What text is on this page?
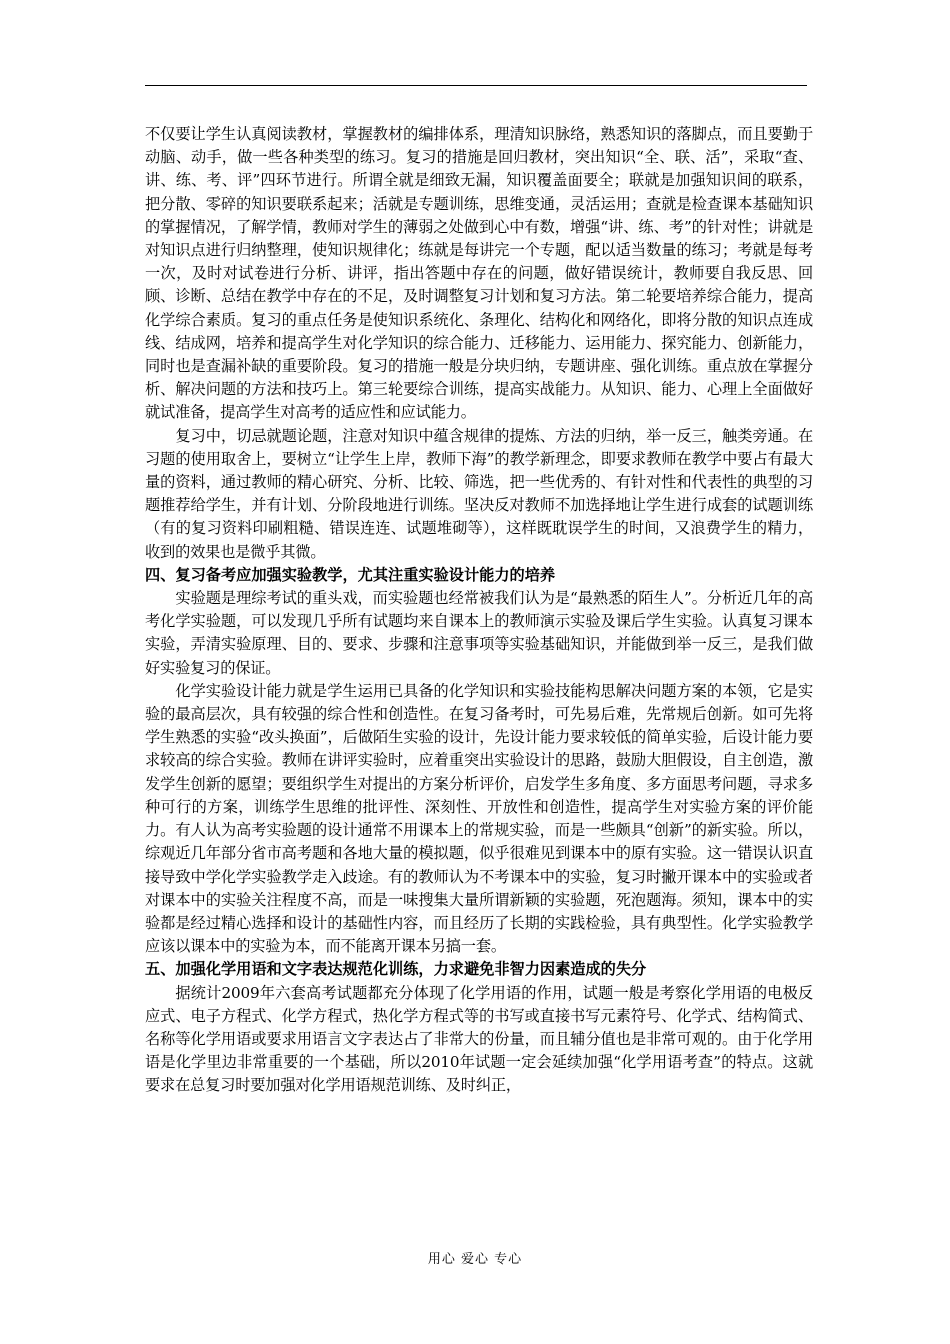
不仅要让学生认真阅读教材，掌握教材的编排体系，理清知识脉络，熟悉知识的落脚点，而且要勤于动脑、动手，做一些各种类型的练习。复习的措施是回归教材，突出知识“全、联、活”，采取“查、讲、练、考、评”四环节进行。所谓全就是细致无漏，知识覆盖面要全；联就是加强知识间的联系，把分散、零碎的知识要联系起来；活就是专题训练，思维变通，灵活运用；查就是检查课本基础知识的掌握情况，了解学情，教师对学生的薄弱之处做到心中有数，增强“讲、练、考”的针对性；讲就是对知识点进行归纳整理，使知识规律化；练就是每讲完一个专题，配以适当数量的练习；考就是每考一次，及时对试卷进行分析、讲评，指出答题中存在的问题，做好错误统计，教师要自我反思、回顾、诊断、总结在教学中存在的不足，及时调整复习计划和复习方法。第二轮要培养综合能力，提高化学综合素质。复习的重点任务是使知识系统化、条理化、结构化和网络化，即将分散的知识点连成线、结成网，培养和提高学生对化学知识的综合能力、迁移能力、运用能力、探究能力、创新能力，同时也是查漏补缺的重要阶段。复习的措施一般是分块归纳，专题讲座、强化训练。重点放在掌握分析、解决问题的方法和技巧上。第三轮要综合训练，提高实战能力。从知识、能力、心理上全面做好就试准备，提高学生对高考的适应性和应试能力。

复习中，切忌就题论题，注意对知识中蕴含规律的提炼、方法的归纳，举一反三，触类旁通。在习题的使用取舍上，要树立“让学生上岸，教师下海”的教学新理念，即要求教师在教学中要占有最大量的资料，通过教师的精心研究、分析、比较、筛选，把一些优秀的、有针对性和代表性的典型的习题推荐给学生，并有计划、分阶段地进行训练。坚决反对教师不加选择地让学生进行成套的试题训练（有的复习资料印刷粗糙、错误连连、试题堆砌等），这样既耽误学生的时间，又浪费学生的精力，收到的效果也是微乎其微。

四、复习备考应加强实验教学，尤其注重实验设计能力的培养

实验题是理综考试的重头戏，而实验题也经常被我们认为是“最熟悉的陌生人”。分析近几年的高考化学实验题，可以发现几乎所有试题均来自课本上的教师演示实验及课后学生实验。认真复习课本实验，弄清实验原理、目的、要求、步骤和注意事项等实验基础知识，并能做到举一反三，是我们做好实验复习的保证。

化学实验设计能力就是学生运用已具备的化学知识和实验技能构思解决问题方案的本领，它是实验的最高层次，具有较强的综合性和创造性。在复习备考时，可先易后难，先常规后创新。如可先将学生熟悉的实验“改头换面”，后做陌生实验的设计，先设计能力要求较低的简单实验，后设计能力要求较高的综合实验。教师在讲评实验时，应着重突出实验设计的思路，鼓励大胆假设，自主创造，激发学生创新的愿望；要组织学生对提出的方案分析评价，启发学生多角度、多方面思考问题，寻求多种可行的方案，训练学生思维的批评性、深刻性、开放性和创造性，提高学生对实验方案的评价能力。有人认为高考实验题的设计通常不用课本上的常规实验，而是一些颇具“创新”的新实验。所以，综观近几年部分省市高考题和各地大量的模拟题，似乎很难见到课本中的原有实验。这一错误认识直接导致中学化学实验教学走入歧途。有的教师认为不考课本中的实验，复习时撇开课本中的实验或者对课本中的实验关注程度不高，而是一味搜集大量所谓新颖的实验题，死泡题海。须知，课本中的实验都是经过精心选择和设计的基础性内容，而且经历了长期的实践检验，具有典型性。化学实验教学应该以课本中的实验为本，而不能离开课本另搞一套。

五、加强化学用语和文字表达规范化训练，力求避免非智力因素造成的失分

据统计2009年六套高考试题都充分体现了化学用语的作用，试题一般是考察化学用语的电极反应式、电子方程式、化学方程式，热化学方程式等的书写或直接书写元素符号、化学式、结构简式、名称等化学用语或要求用语言文字表达占了非常大的份量，而且辅分值也是非常可观的。由于化学用语是化学里边非常重要的一个基础，所以2010年试题一定会延续加强“化学用语考查”的特点。这就要求在总复习时要加强对化学用语规范训练、及时纠正，

用心 爱心 专心
